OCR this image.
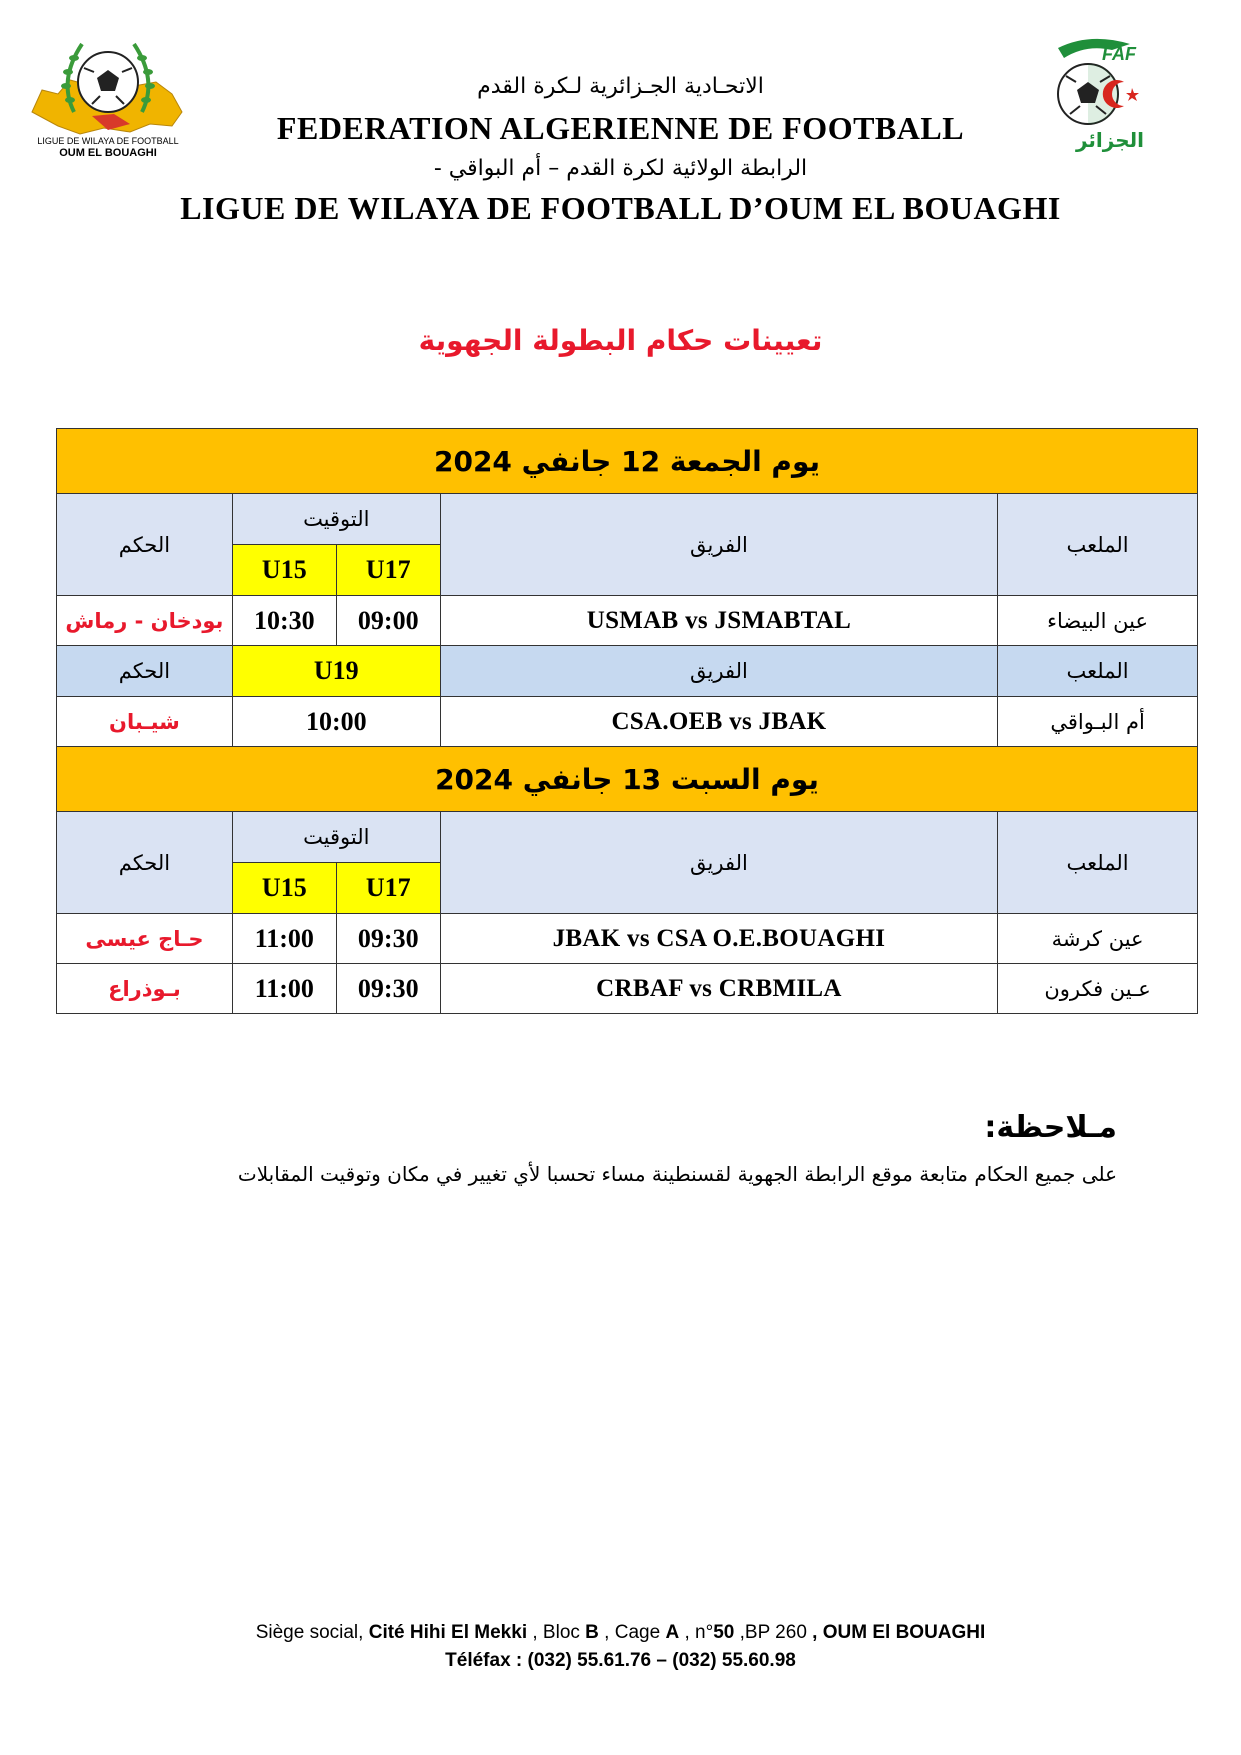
LIGUE DE WILAYA DE FOOTBALL
OUM EL BOUAGHI
FAF
الجزائر
الاتحـادية الجـزائرية لـكرة القدم
FEDERATION ALGERIENNE DE FOOTBALL
الرابطة الولائية لكرة القدم – أم البواقي -
LIGUE DE WILAYA DE FOOTBALL D’OUM EL BOUAGHI
تعيينات حكام البطولة الجهوية
يوم الجمعة 12 جانفي 2024				
الحكم	التوقيت		الفريق	الملعب
	U15	U17		
بودخان - رماش	10:30	09:00	USMAB vs JSMABTAL	عين البيضاء
الحكم	U19		الفريق	الملعب
شيـبان	10:00		CSA.OEB vs JBAK	أم البـواقي
يوم السبت 13 جانفي 2024				
الحكم	التوقيت		الفريق	الملعب
	U15	U17		
حـاج عيسى	11:00	09:30	JBAK vs CSA O.E.BOUAGHI	عين كرشة
بـوذراع	11:00	09:30	CRBAF vs CRBMILA	عـين فكرون
مـلاحظة:
على جميع الحكام متابعة موقع الرابطة الجهوية لقسنطينة مساء تحسبا لأي تغيير في مكان وتوقيت المقابلات
Siège social, Cité Hihi El Mekki , Bloc B , Cage A , n°50 ,BP 260 , OUM El BOUAGHI
Téléfax : (032) 55.61.76 – (032) 55.60.98
